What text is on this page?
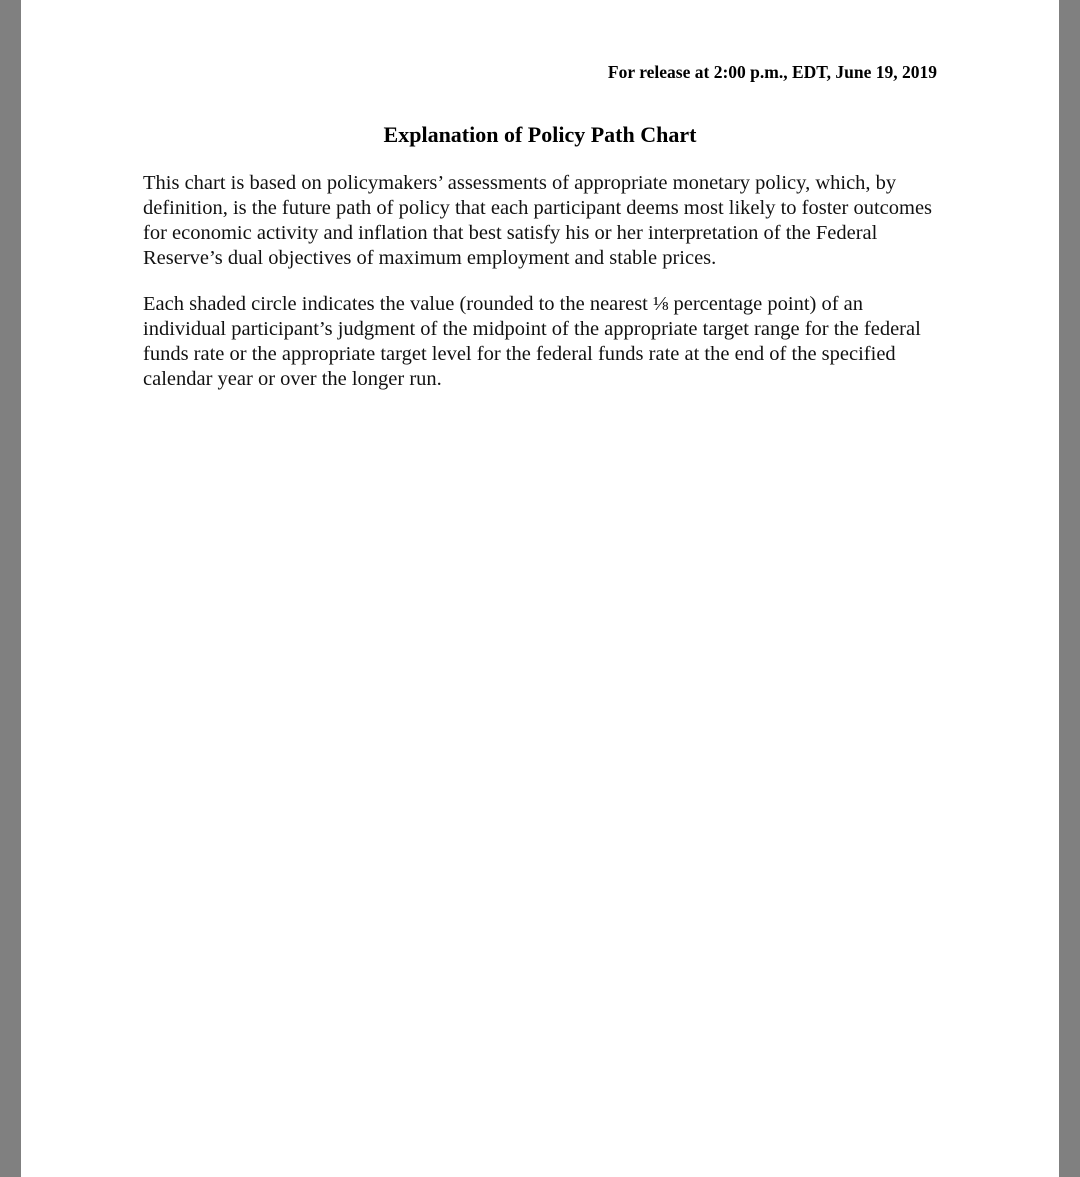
For release at 2:00 p.m., EDT, June 19, 2019
Explanation of Policy Path Chart

This chart is based on policymakers’ assessments of appropriate monetary policy, which, by definition, is the future path of policy that each participant deems most likely to foster outcomes for economic activity and inflation that best satisfy his or her interpretation of the Federal Reserve’s dual objectives of maximum employment and stable prices.

Each shaded circle indicates the value (rounded to the nearest ⅛ percentage point) of an individual participant’s judgment of the midpoint of the appropriate target range for the federal funds rate or the appropriate target level for the federal funds rate at the end of the specified calendar year or over the longer run.
